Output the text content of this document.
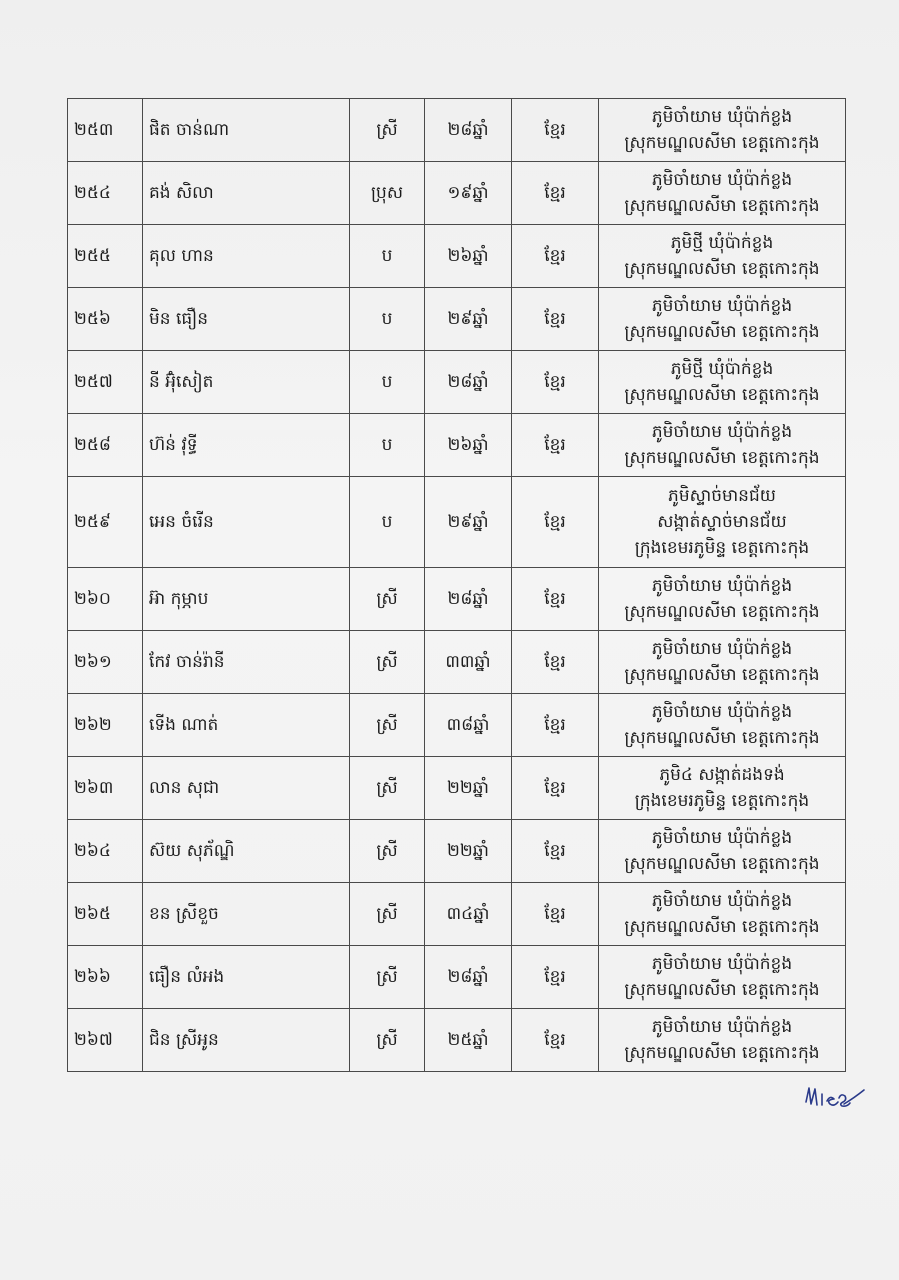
២៥៣	ផិត ចាន់ណា	ស្រី	២៨ឆ្នាំ	ខ្មែរ	ភូមិចាំយាម ឃុំប៉ាក់ខ្លង
ស្រុកមណ្ឌលសីមា ខេត្តកោះកុង

២៥៤	គង់ សិលា	ប្រុស	១៩ឆ្នាំ	ខ្មែរ	ភូមិចាំយាម ឃុំប៉ាក់ខ្លង
ស្រុកមណ្ឌលសីមា ខេត្តកោះកុង

២៥៥	គុល ហាន	ប	២៦ឆ្នាំ	ខ្មែរ	ភូមិថ្មី ឃុំប៉ាក់ខ្លង
ស្រុកមណ្ឌលសីមា ខេត្តកោះកុង

២៥៦	មិន ធឿន	ប	២៩ឆ្នាំ	ខ្មែរ	ភូមិចាំយាម ឃុំប៉ាក់ខ្លង
ស្រុកមណ្ឌលសីមា ខេត្តកោះកុង

២៥៧	នី អ៊ុំសៀត	ប	២៨ឆ្នាំ	ខ្មែរ	ភូមិថ្មី ឃុំប៉ាក់ខ្លង
ស្រុកមណ្ឌលសីមា ខេត្តកោះកុង

២៥៨	ហ៊ន់ វុទ្ធី	ប	២៦ឆ្នាំ	ខ្មែរ	ភូមិចាំយាម ឃុំប៉ាក់ខ្លង
ស្រុកមណ្ឌលសីមា ខេត្តកោះកុង

២៥៩	អេន ចំរើន	ប	២៩ឆ្នាំ	ខ្មែរ	ភូមិស្ទាច់មានជ័យ
សង្កាត់ស្ទាច់មានជ័យ
ក្រុងខេមរភូមិន្ទ ខេត្តកោះកុង

២៦០	អ៊ា កុម្ភាប	ស្រី	២៨ឆ្នាំ	ខ្មែរ	ភូមិចាំយាម ឃុំប៉ាក់ខ្លង
ស្រុកមណ្ឌលសីមា ខេត្តកោះកុង

២៦១	កែវ ចាន់រ៉ានី	ស្រី	៣៣ឆ្នាំ	ខ្មែរ	ភូមិចាំយាម ឃុំប៉ាក់ខ្លង
ស្រុកមណ្ឌលសីមា ខេត្តកោះកុង

២៦២	ទើង ណាត់	ស្រី	៣៨ឆ្នាំ	ខ្មែរ	ភូមិចាំយាម ឃុំប៉ាក់ខ្លង
ស្រុកមណ្ឌលសីមា ខេត្តកោះកុង

២៦៣	លាន សុជា	ស្រី	២២ឆ្នាំ	ខ្មែរ	ភូមិ៤ សង្កាត់ដងទង់
ក្រុងខេមរភូមិន្ទ ខេត្តកោះកុង

២៦៤	ស៊យ សុភ័ណ្ឌិ	ស្រី	២២ឆ្នាំ	ខ្មែរ	ភូមិចាំយាម ឃុំប៉ាក់ខ្លង
ស្រុកមណ្ឌលសីមា ខេត្តកោះកុង

២៦៥	ខន ស្រីខួច	ស្រី	៣៤ឆ្នាំ	ខ្មែរ	ភូមិចាំយាម ឃុំប៉ាក់ខ្លង
ស្រុកមណ្ឌលសីមា ខេត្តកោះកុង

២៦៦	ធឿន លំអង	ស្រី	២៨ឆ្នាំ	ខ្មែរ	ភូមិចាំយាម ឃុំប៉ាក់ខ្លង
ស្រុកមណ្ឌលសីមា ខេត្តកោះកុង

២៦៧	ជិន ស្រីអូន	ស្រី	២៥ឆ្នាំ	ខ្មែរ	ភូមិចាំយាម ឃុំប៉ាក់ខ្លង
ស្រុកមណ្ឌលសីមា ខេត្តកោះកុង
